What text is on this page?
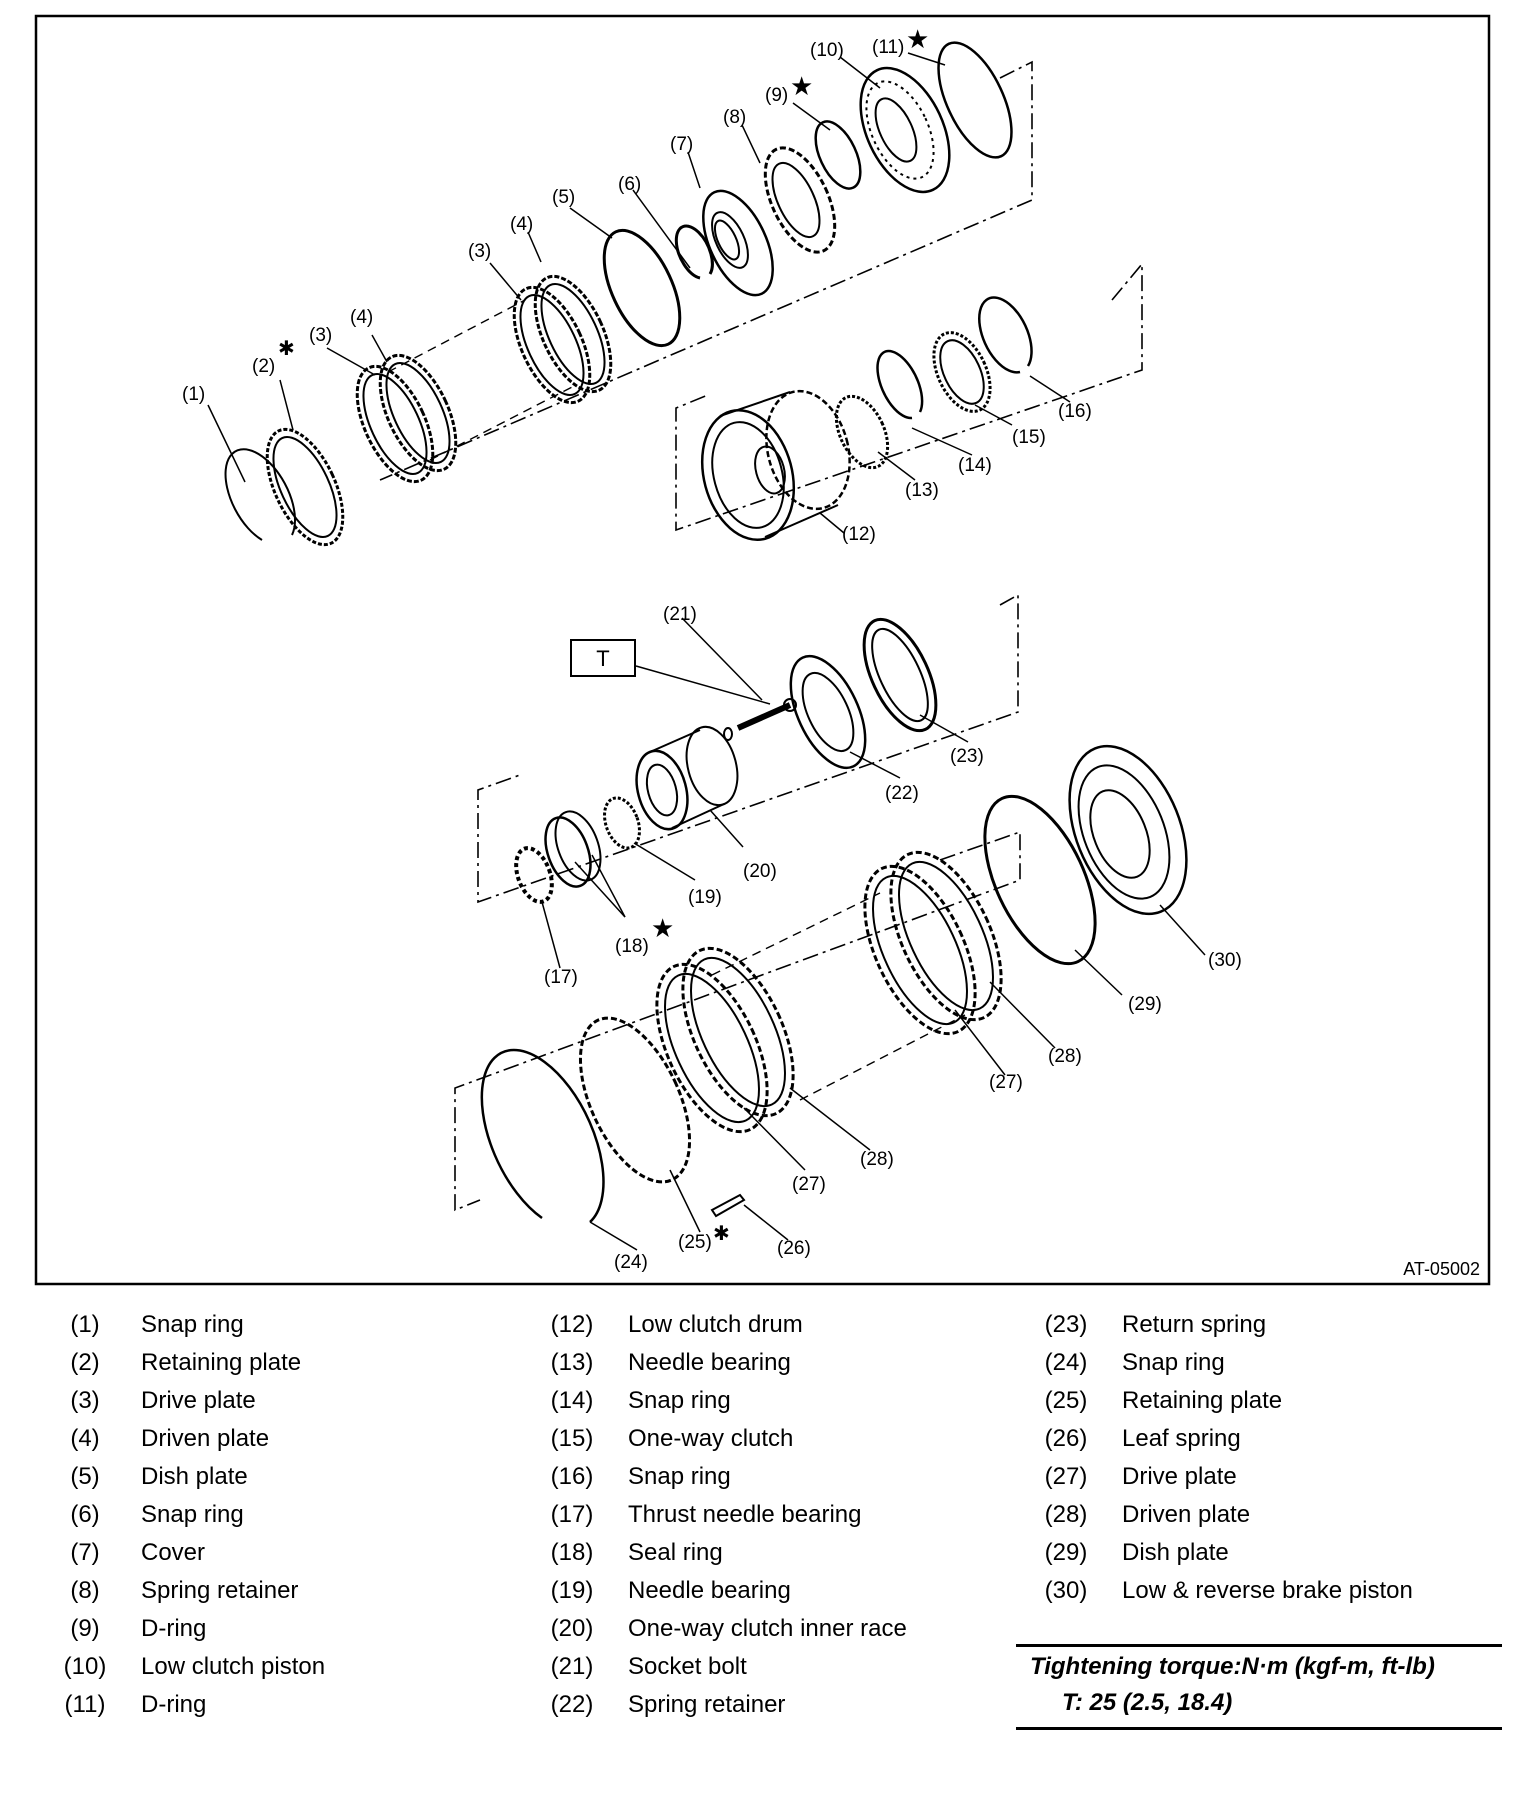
T
(1)
(2)
(3)
(4)
(3)
(4)
(5)
(6)
(7)
(8)
(9)
(10) (11)
(12)
(13)
(14)
(15)
(16)
(17)
(18)
(19)
(20)
(21)
(22)
(23)
(24)
(25)	(26)
(27)
(28)
(27)
(28)
(29)
(30)
✱
✱
★
★
★
AT-05002
(1)	Snap ring
(2)	Retaining plate
(3)	Drive plate
(4)	Driven plate
(5)	Dish plate
(6)	Snap ring
(7)	Cover
(8)	Spring retainer
(9)	D-ring
(10)	Low clutch piston
(11)	D-ring
(12)	Low clutch drum
(13)	Needle bearing
(14)	Snap ring
(15)	One-way clutch
(16)	Snap ring
(17)	Thrust needle bearing
(18)	Seal ring
(19)	Needle bearing
(20)	One-way clutch inner race
(21)	Socket bolt
(22)	Spring retainer
(23)	Return spring
(24)	Snap ring
(25)	Retaining plate
(26)	Leaf spring
(27)	Drive plate
(28)	Driven plate
(29)	Dish plate
(30)	Low & reverse brake piston
Tightening torque:N·m (kgf-m, ft-lb)
T: 25 (2.5, 18.4)
